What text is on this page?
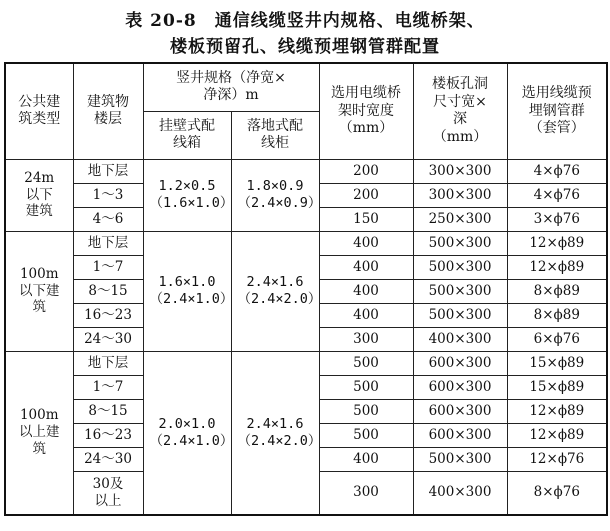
表 20-8　通信线缆竖井内规格、电缆桥架、
楼板预留孔、线缆预埋钢管群配置
公共建筑类型	建筑物楼层	竖井规格（净宽×净深）m		选用电缆桥架时宽度（mm）	楼板孔洞尺寸宽×深（mm）	选用线缆预埋钢管群（套管）
		挂壁式配线箱	落地式配线柜			
24m以下建筑	地下层	1.2×0.5（1.6×1.0）	1.8×0.9（2.4×0.9）	200	300×300	4×ϕ76
	1～3			200	300×300	4×ϕ76
	4～6			150	250×300	3×ϕ76
100m以下建筑	地下层	1.6×1.0（2.4×1.0）	2.4×1.6（2.4×2.0）	400	500×300	12×ϕ89
	1～7			400	500×300	12×ϕ89
	8～15			400	500×300	8×ϕ89
	16～23			400	500×300	8×ϕ89
	24～30			300	400×300	6×ϕ76
100m以上建筑	地下层	2.0×1.0（2.4×1.0）	2.4×1.6（2.4×2.0）	500	600×300	15×ϕ89
	1～7			500	600×300	15×ϕ89
	8～15			500	600×300	12×ϕ89
	16～23			500	600×300	12×ϕ89
	24～30			400	500×300	12×ϕ76
	30及以上			300	400×300	8×ϕ76
